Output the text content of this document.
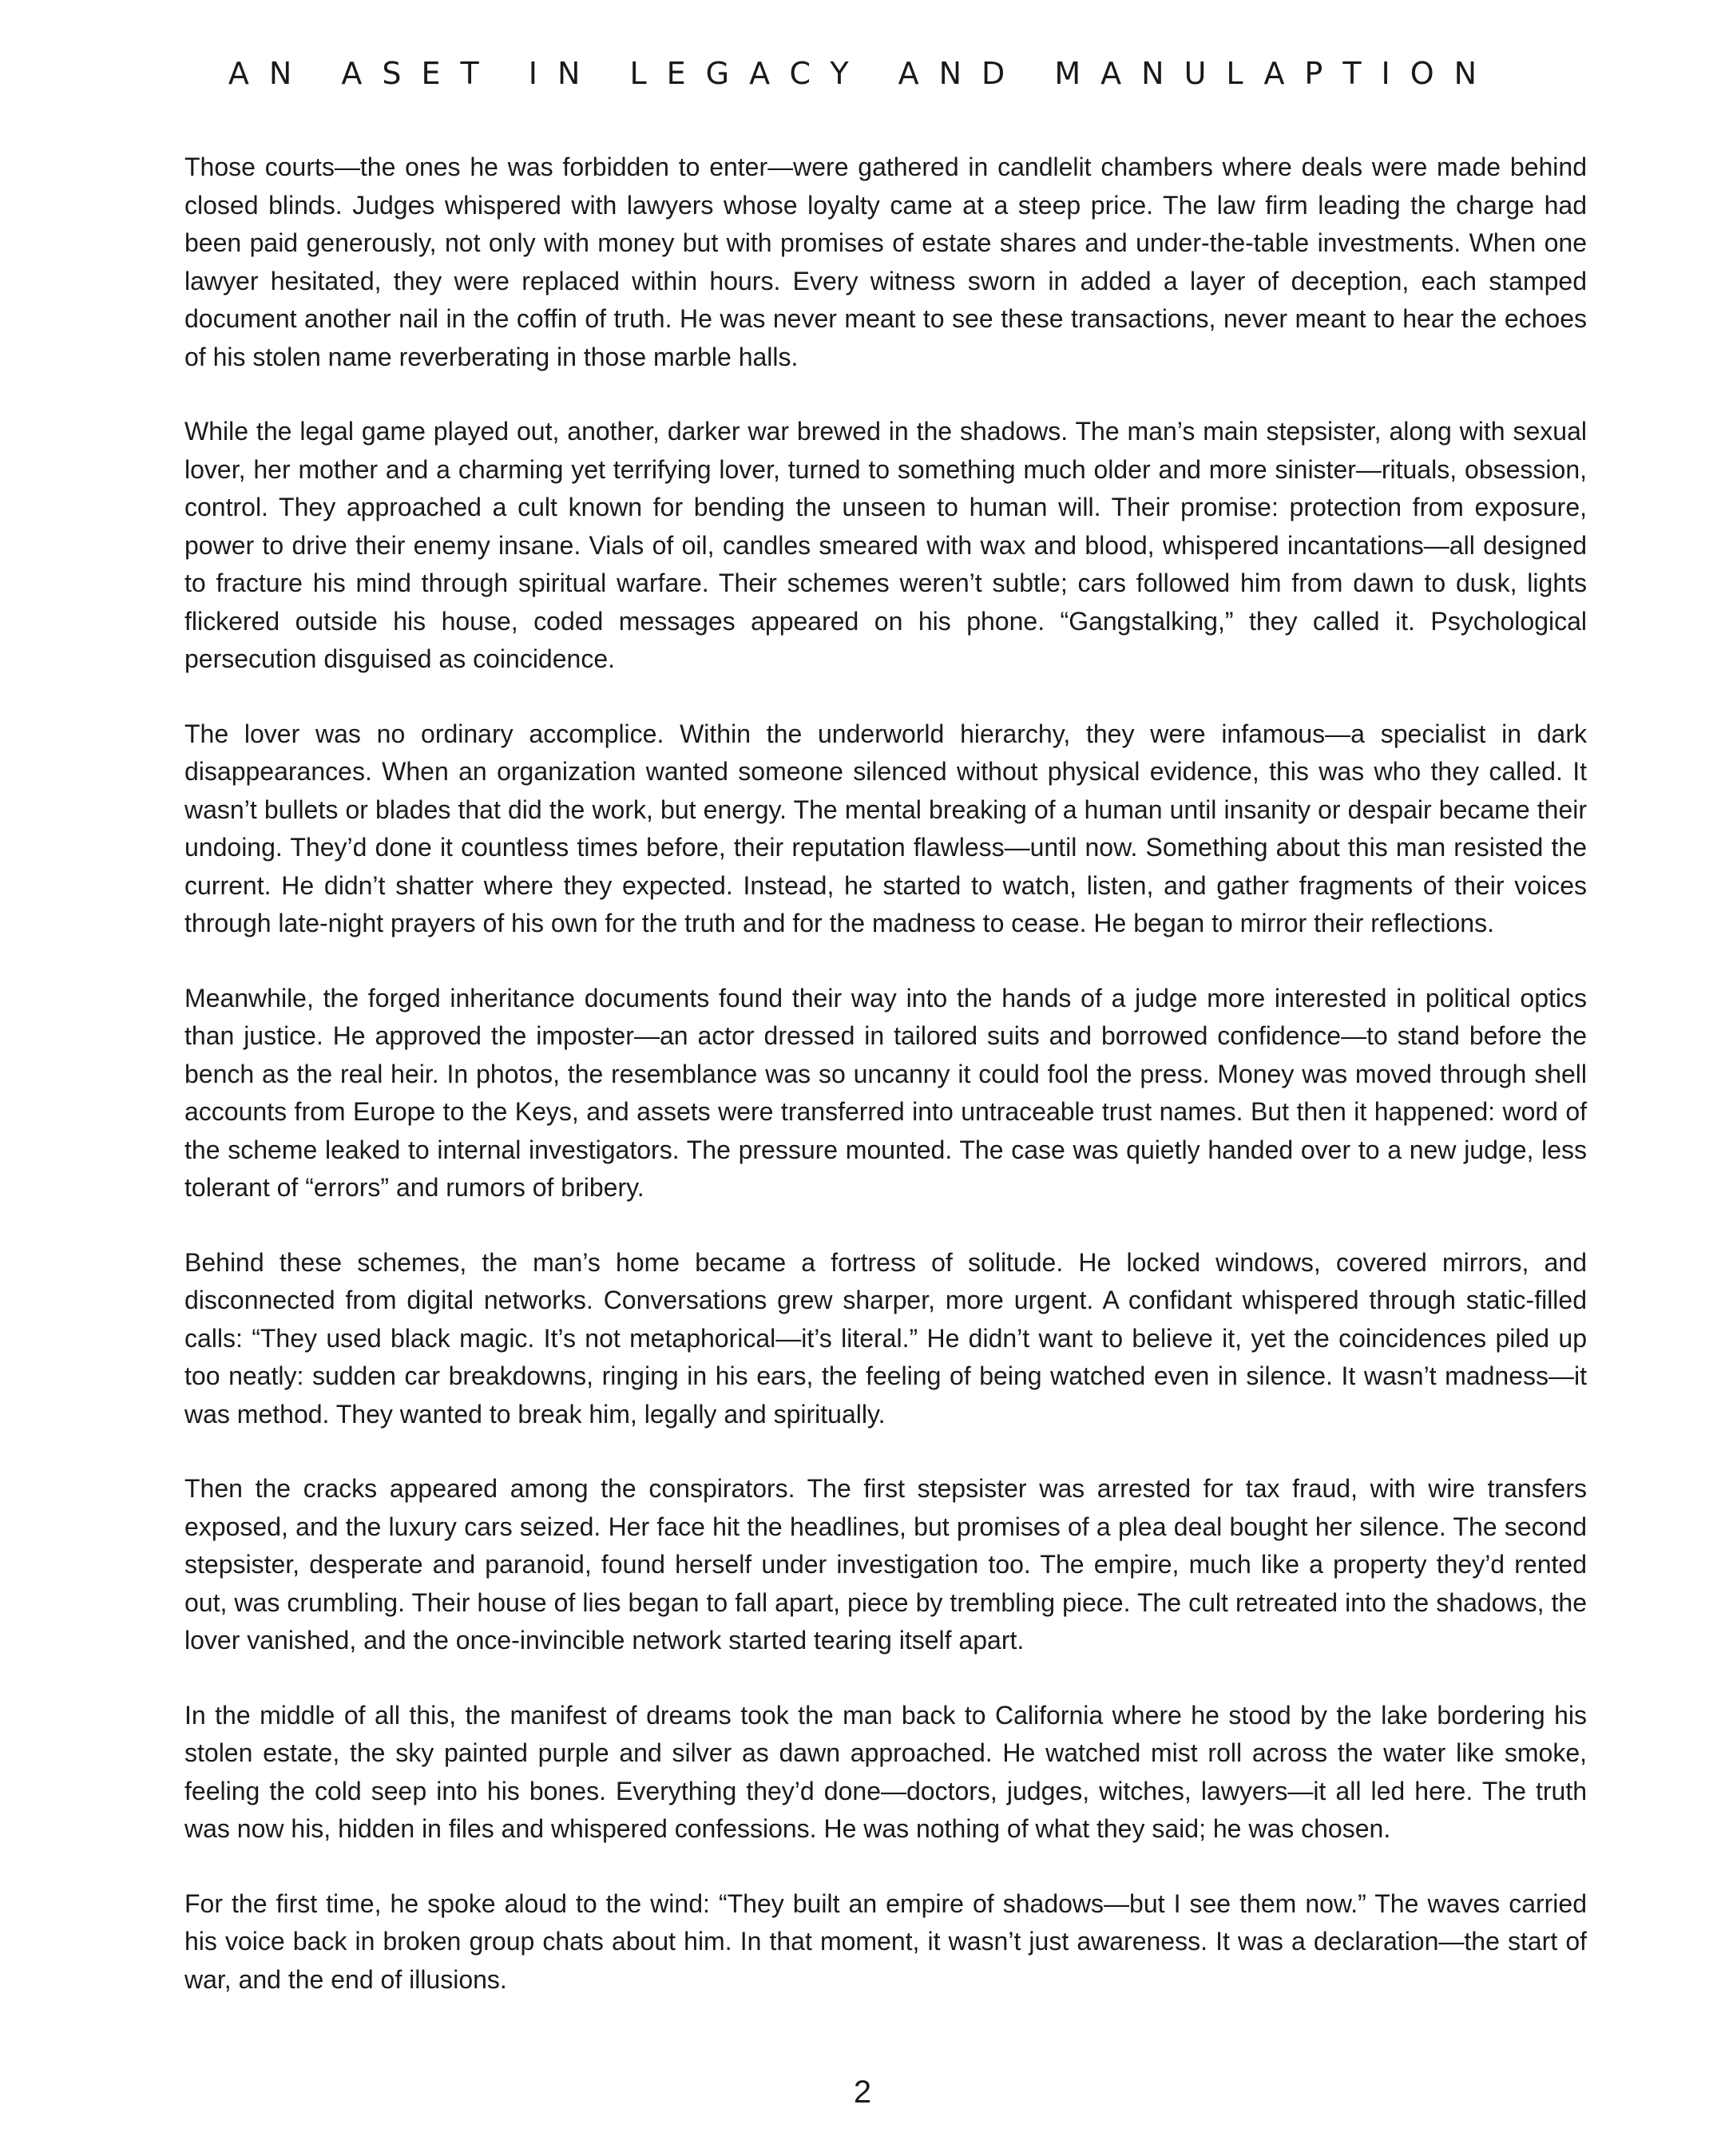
AN ASET IN LEGACY AND MANULAPTION

Those courts—the ones he was forbidden to enter—were gathered in candlelit chambers where deals were made behind closed blinds. Judges whispered with lawyers whose loyalty came at a steep price. The law firm leading the charge had been paid generously, not only with money but with promises of estate shares and under-the-table investments. When one lawyer hesitated, they were replaced within hours. Every witness sworn in added a layer of deception, each stamped document another nail in the coffin of truth. He was never meant to see these transactions, never meant to hear the echoes of his stolen name reverberating in those marble halls.

While the legal game played out, another, darker war brewed in the shadows. The man’s main stepsister, along with sexual lover, her mother and a charming yet terrifying lover, turned to something much older and more sinister—rituals, obsession, control. They approached a cult known for bending the unseen to human will. Their promise: protection from exposure, power to drive their enemy insane. Vials of oil, candles smeared with wax and blood, whispered incantations—all designed to fracture his mind through spiritual warfare. Their schemes weren’t subtle; cars followed him from dawn to dusk, lights flickered outside his house, coded messages appeared on his phone. “Gangstalking,” they called it. Psychological persecution disguised as coincidence.

The lover was no ordinary accomplice. Within the underworld hierarchy, they were infamous—a specialist in dark disappearances. When an organization wanted someone silenced without physical evidence, this was who they called. It wasn’t bullets or blades that did the work, but energy. The mental breaking of a human until insanity or despair became their undoing. They’d done it countless times before, their reputation flawless—until now. Something about this man resisted the current. He didn’t shatter where they expected. Instead, he started to watch, listen, and gather fragments of their voices through late-night prayers of his own for the truth and for the madness to cease. He began to mirror their reflections.

Meanwhile, the forged inheritance documents found their way into the hands of a judge more interested in political optics than justice. He approved the imposter—an actor dressed in tailored suits and borrowed confidence—to stand before the bench as the real heir. In photos, the resemblance was so uncanny it could fool the press. Money was moved through shell accounts from Europe to the Keys, and assets were transferred into untraceable trust names. But then it happened: word of the scheme leaked to internal investigators. The pressure mounted. The case was quietly handed over to a new judge, less tolerant of “errors” and rumors of bribery.

Behind these schemes, the man’s home became a fortress of solitude. He locked windows, covered mirrors, and disconnected from digital networks. Conversations grew sharper, more urgent. A confidant whispered through static-filled calls: “They used black magic. It’s not metaphorical—it’s literal.” He didn’t want to believe it, yet the coincidences piled up too neatly: sudden car breakdowns, ringing in his ears, the feeling of being watched even in silence. It wasn’t madness—it was method. They wanted to break him, legally and spiritually.

Then the cracks appeared among the conspirators. The first stepsister was arrested for tax fraud, with wire transfers exposed, and the luxury cars seized. Her face hit the headlines, but promises of a plea deal bought her silence. The second stepsister, desperate and paranoid, found herself under investigation too. The empire, much like a property they’d rented out, was crumbling. Their house of lies began to fall apart, piece by trembling piece. The cult retreated into the shadows, the lover vanished, and the once-invincible network started tearing itself apart.

In the middle of all this, the manifest of dreams took the man back to California where he stood by the lake bordering his stolen estate, the sky painted purple and silver as dawn approached. He watched mist roll across the water like smoke, feeling the cold seep into his bones. Everything they’d done—doctors, judges, witches, lawyers—it all led here. The truth was now his, hidden in files and whispered confessions. He was nothing of what they said; he was chosen.

For the first time, he spoke aloud to the wind: “They built an empire of shadows—but I see them now.” The waves carried his voice back in broken group chats about him. In that moment, it wasn’t just awareness. It was a declaration—the start of war, and the end of illusions.

2
